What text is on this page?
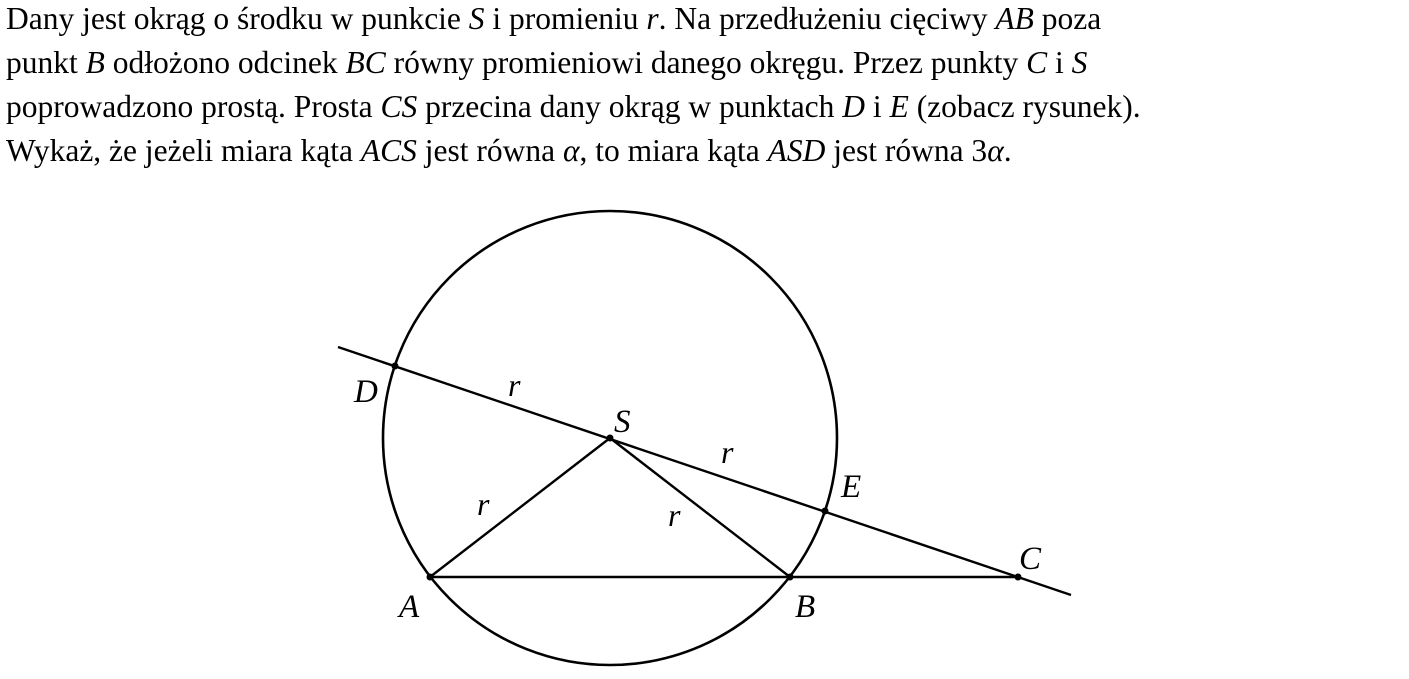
Dany jest okrąg o środku w punkcie S i promieniu r. Na przedłużeniu cięciwy AB poza

punkt B odłożono odcinek BC równy promieniowi danego okręgu. Przez punkty C i S

poprowadzono prostą. Prosta CS przecina dany okrąg w punktach D i E (zobacz rysunek).

Wykaż, że jeżeli miara kąta ACS jest równa α, to miara kąta ASD jest równa 3α.

A	B
C
D
E
S
r
r
r	r
